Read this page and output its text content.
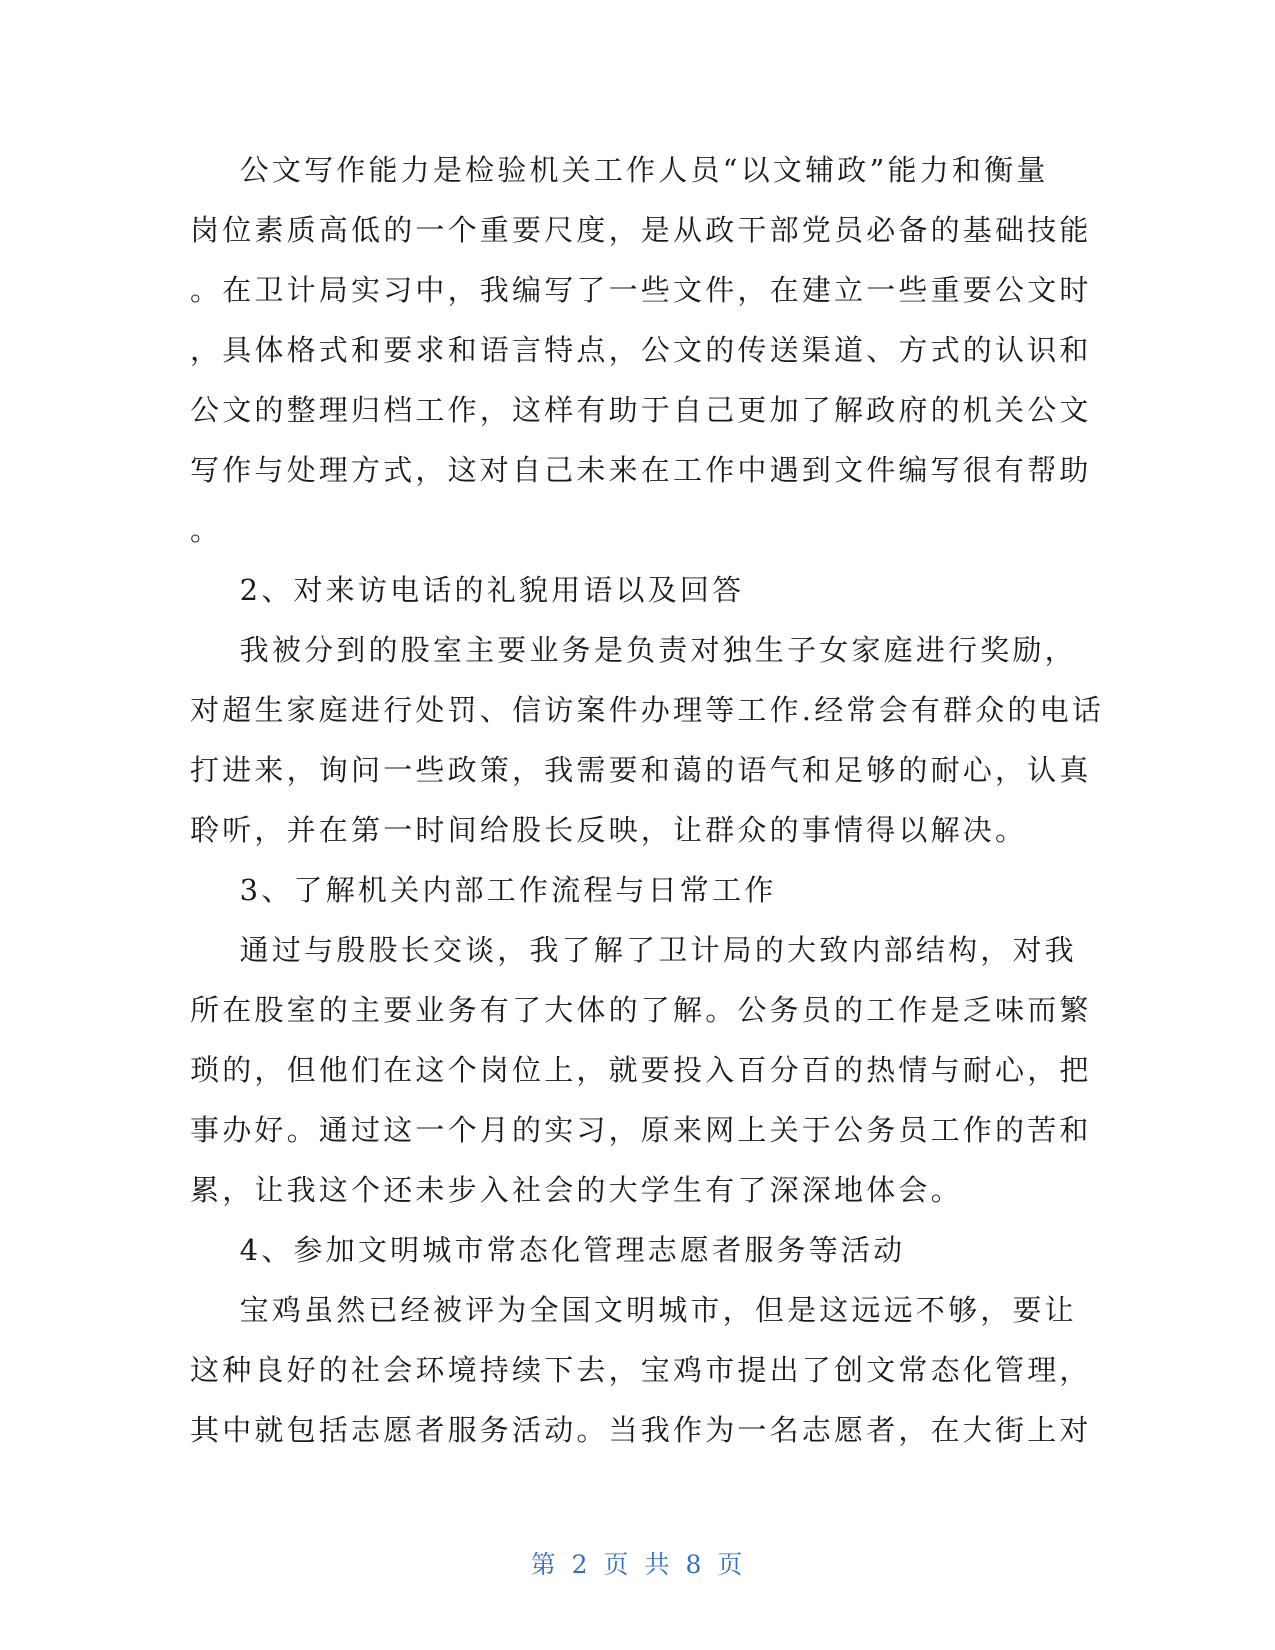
公文写作能力是检验机关工作人员“以文辅政”能力和衡量
岗位素质高低的一个重要尺度，是从政干部党员必备的基础技能
。在卫计局实习中，我编写了一些文件，在建立一些重要公文时
，具体格式和要求和语言特点，公文的传送渠道、方式的认识和
公文的整理归档工作，这样有助于自己更加了解政府的机关公文
写作与处理方式，这对自己未来在工作中遇到文件编写很有帮助
。
2、对来访电话的礼貌用语以及回答
我被分到的股室主要业务是负责对独生子女家庭进行奖励，
对超生家庭进行处罚、信访案件办理等工作.经常会有群众的电话
打进来，询问一些政策，我需要和蔼的语气和足够的耐心，认真
聆听，并在第一时间给股长反映，让群众的事情得以解决。
3、了解机关内部工作流程与日常工作
通过与殷股长交谈，我了解了卫计局的大致内部结构，对我
所在股室的主要业务有了大体的了解。公务员的工作是乏味而繁
琐的，但他们在这个岗位上，就要投入百分百的热情与耐心，把
事办好。通过这一个月的实习，原来网上关于公务员工作的苦和
累，让我这个还未步入社会的大学生有了深深地体会。
4、参加文明城市常态化管理志愿者服务等活动
宝鸡虽然已经被评为全国文明城市，但是这远远不够，要让
这种良好的社会环境持续下去，宝鸡市提出了创文常态化管理，
其中就包括志愿者服务活动。当我作为一名志愿者，在大街上对
第 2 页 共 8 页
